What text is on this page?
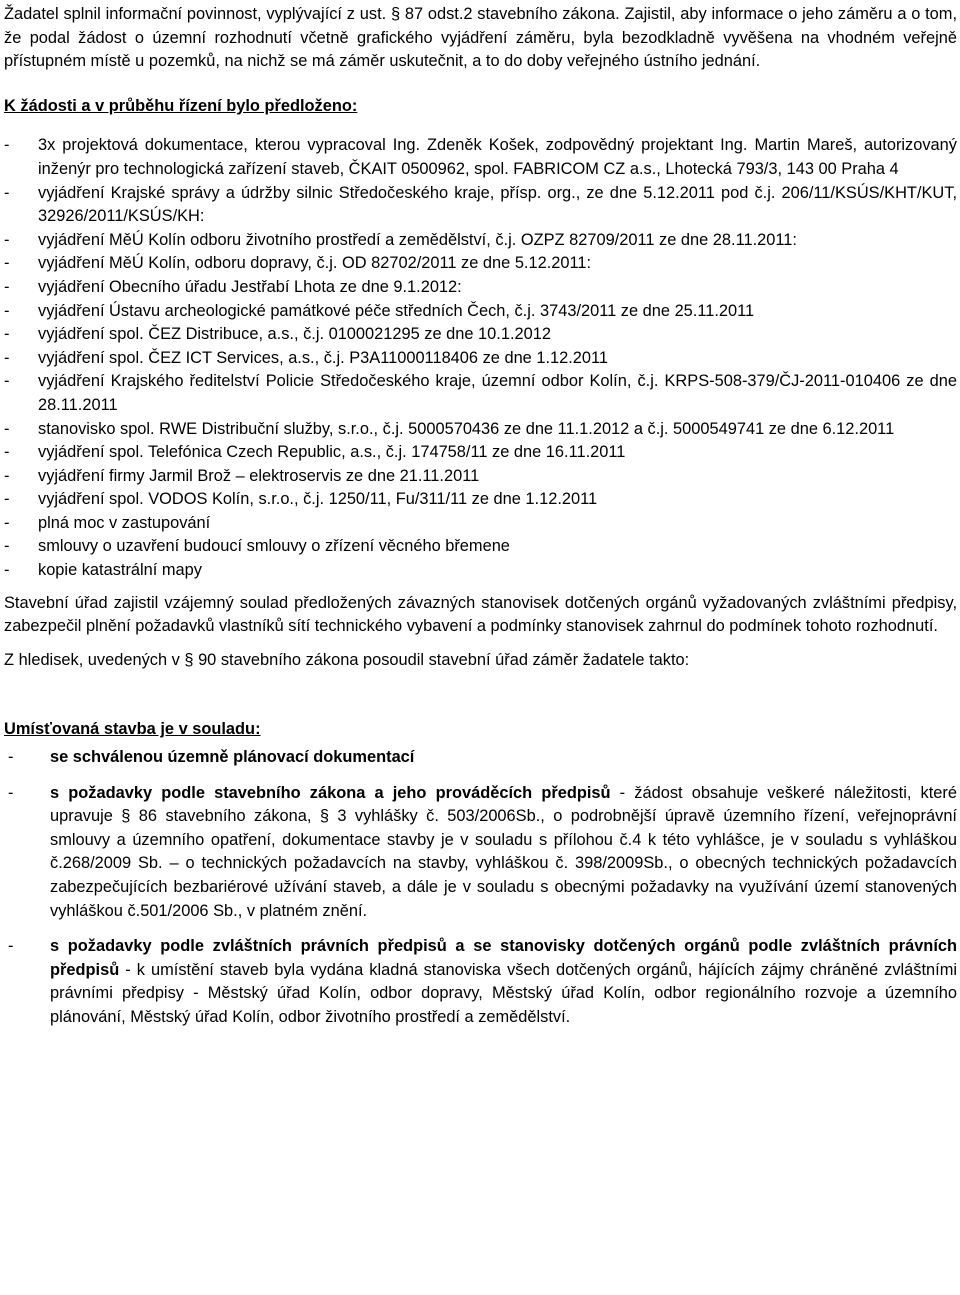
Žadatel splnil informační povinnost, vyplývající z ust. § 87 odst.2 stavebního zákona. Zajistil, aby informace o jeho záměru a o tom, že podal žádost o územní rozhodnutí včetně grafického vyjádření záměru, byla bezodkladně vyvěšena na vhodném veřejně přístupném místě u pozemků, na nichž se má záměr uskutečnit, a to do doby veřejného ústního jednání.

K žádosti a v průběhu řízení bylo předloženo:

- 3x projektová dokumentace, kterou vypracoval Ing. Zdeněk Košek, zodpovědný projektant Ing. Martin Mareš, autorizovaný inženýr pro technologická zařízení staveb, ČKAIT 0500962, spol. FABRICOM CZ a.s., Lhotecká 793/3, 143 00 Praha 4
- vyjádření Krajské správy a údržby silnic Středočeského kraje, přísp. org., ze dne 5.12.2011 pod č.j. 206/11/KSÚS/KHT/KUT, 32926/2011/KSÚS/KH:
- vyjádření MěÚ Kolín odboru životního prostředí a zemědělství, č.j. OZPZ 82709/2011 ze dne 28.11.2011:
- vyjádření MěÚ Kolín, odboru dopravy, č.j. OD 82702/2011 ze dne 5.12.2011:
- vyjádření Obecního úřadu Jestřabí Lhota ze dne 9.1.2012:
- vyjádření Ústavu archeologické památkové péče středních Čech, č.j. 3743/2011 ze dne 25.11.2011
- vyjádření spol. ČEZ Distribuce, a.s., č.j. 0100021295 ze dne 10.1.2012
- vyjádření spol. ČEZ ICT Services, a.s., č.j. P3A11000118406 ze dne 1.12.2011
- vyjádření Krajského ředitelství Policie Středočeského kraje, územní odbor Kolín, č.j. KRPS-508-379/ČJ-2011-010406 ze dne 28.11.2011
- stanovisko spol. RWE Distribuční služby, s.r.o., č.j. 5000570436 ze dne 11.1.2012 a č.j. 5000549741 ze dne 6.12.2011
- vyjádření spol. Telefónica Czech Republic, a.s., č.j. 174758/11 ze dne 16.11.2011
- vyjádření firmy Jarmil Brož – elektroservis ze dne 21.11.2011
- vyjádření spol. VODOS Kolín, s.r.o., č.j. 1250/11, Fu/311/11 ze dne 1.12.2011
- plná moc v zastupování
- smlouvy o uzavření budoucí smlouvy o zřízení věcného břemene
- kopie katastrální mapy

Stavební úřad zajistil vzájemný soulad předložených závazných stanovisek dotčených orgánů vyžadovaných zvláštními předpisy, zabezpečil plnění požadavků vlastníků sítí technického vybavení a podmínky stanovisek zahrnul do podmínek tohoto rozhodnutí.

Z hledisek, uvedených v § 90 stavebního zákona posoudil stavební úřad záměr žadatele takto:

Umísťovaná stavba je v souladu:

- se schválenou územně plánovací dokumentací
- s požadavky podle stavebního zákona a jeho prováděcích předpisů - žádost obsahuje veškeré náležitosti, které upravuje § 86 stavebního zákona, § 3 vyhlášky č. 503/2006Sb., o podrobnější úpravě územního řízení, veřejnoprávní smlouvy a územního opatření, dokumentace stavby je v souladu s přílohou č.4 k této vyhlášce, je v souladu s vyhláškou č.268/2009 Sb. – o technických požadavcích na stavby, vyhláškou č. 398/2009Sb., o obecných technických požadavcích zabezpečujících bezbariérové užívání staveb, a dále je v souladu s obecnými požadavky na využívání území stanovených vyhláškou č.501/2006 Sb., v platném znění.
- s požadavky podle zvláštních právních předpisů a se stanovisky dotčených orgánů podle zvláštních právních předpisů - k umístění staveb byla vydána kladná stanoviska všech dotčených orgánů, hájících zájmy chráněné zvláštními právními předpisy - Městský úřad Kolín, odbor dopravy, Městský úřad Kolín, odbor regionálního rozvoje a územního plánování, Městský úřad Kolín, odbor životního prostředí a zemědělství.
